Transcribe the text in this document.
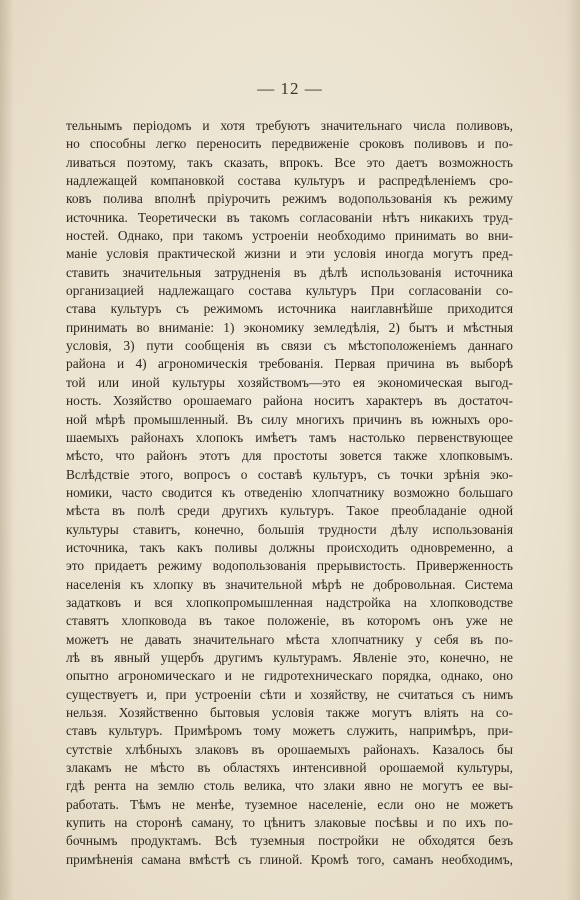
— 12 —
тельнымъ періодомъ и хотя требуютъ значительнаго числа поливовъ,
но способны легко переносить передвиженіе сроковъ поливовъ и по-
ливаться поэтому, такъ сказать, впрокъ. Все это даетъ возможность
надлежащей компановкой состава культуръ и распредѣленіемъ сро-
ковъ полива вполнѣ пріурочить режимъ водопользованія къ режиму
источника. Теоретически въ такомъ согласованіи нѣтъ никакихъ труд-
ностей. Однако, при такомъ устроеніи необходимо принимать во вни-
маніе условія практической жизни и эти условія иногда могутъ пред-
ставить значительныя затрудненія въ дѣлѣ использованія источника
организацией надлежащаго состава культуръ При согласованіи со-
става культуръ съ режимомъ источника наиглавнѣйше приходится
принимать во вниманіе: 1) экономику земледѣлія, 2) бытъ и мѣстныя
условія, 3) пути сообщенія въ связи съ мѣстоположеніемъ даннаго
района и 4) агрономическія требованія. Первая причина въ выборѣ
той или иной культуры хозяйствомъ—это ея экономическая выгод-
ность. Хозяйство орошаемаго района носитъ характеръ въ достаточ-
ной мѣрѣ промышленный. Въ силу многихъ причинъ въ южныхъ оро-
шаемыхъ районахъ хлопокъ имѣетъ тамъ настолько первенствующее
мѣсто, что районъ этотъ для простоты зовется также хлопковымъ.
Вслѣдствіе этого, вопросъ о составѣ культуръ, съ точки зрѣнія эко-
номики, часто сводится къ отведенію хлопчатнику возможно большаго
мѣста въ полѣ среди другихъ культуръ. Такое преобладаніе одной
культуры ставитъ, конечно, большія трудности дѣлу использованія
источника, такъ какъ поливы должны происходить одновременно, а
это придаетъ режиму водопользованія прерывистость. Приверженность
населенія къ хлопку въ значительной мѣрѣ не добровольная. Система
задатковъ и вся хлопкопромышленная надстройка на хлопководстве
ставятъ хлопковода въ такое положеніе, въ которомъ онъ уже не
можетъ не давать значительнаго мѣста хлопчатнику у себя въ по-
лѣ въ явный ущербъ другимъ культурамъ. Явленіе это, конечно, не
опытно агрономическаго и не гидротехническаго порядка, однако, оно
существуетъ и, при устроеніи сѣти и хозяйству, не считаться съ нимъ
нельзя. Хозяйственно бытовыя условія также могутъ вліять на со-
ставъ культуръ. Примѣромъ тому можетъ служить, напримѣръ, при-
сутствіе хлѣбныхъ злаковъ въ орошаемыхъ районахъ. Казалось бы
злакамъ не мѣсто въ областяхъ интенсивной орошаемой культуры,
гдѣ рента на землю столь велика, что злаки явно не могутъ ее вы-
работать. Тѣмъ не менѣе, туземное населеніе, если оно не можетъ
купить на сторонѣ саману, то цѣнитъ злаковые посѣвы и по ихъ по-
бочнымъ продуктамъ. Всѣ туземныя постройки не обходятся безъ
примѣненія самана вмѣстѣ съ глиной. Кромѣ того, саманъ необходимъ,
